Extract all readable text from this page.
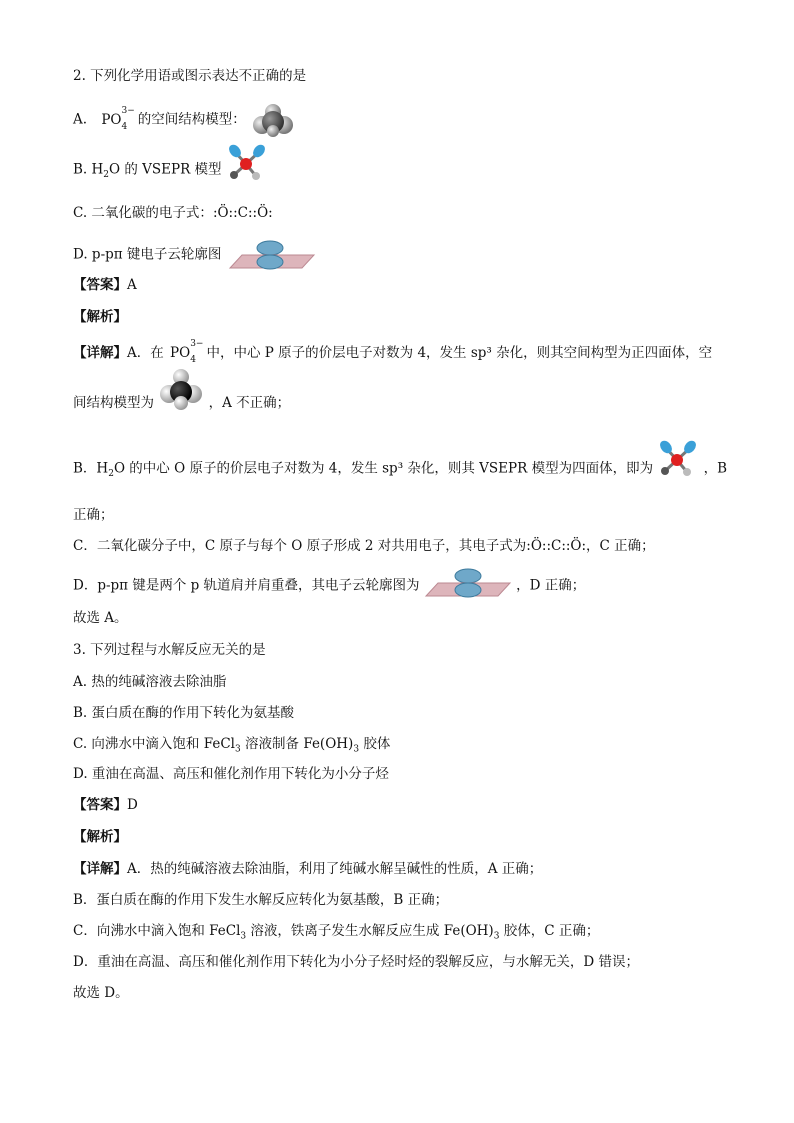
2. 下列化学用语或图示表达不正确的是
A. PO
3−
4 的空间结构模型：
B. $H_2O$ 的 VSEPR 模型
C. 二氧化碳的电子式：:Ö::C::Ö:
D. p-pπ 键电子云轮廓图
【答案】A
【解析】
【详解】A．在 PO
3−
4 中，中心 P 原子的价层电子对数为 4，发生 sp³ 杂化，则其空间构型为正四面体，空
间结构模型为	，A 不正确；
B．$H_2O$ 的中心 O 原子的价层电子对数为 4，发生 sp³ 杂化，则其 VSEPR 模型为四面体，即为	，B
正确；
C．二氧化碳分子中，C 原子与每个 O 原子形成 2 对共用电子，其电子式为:Ö::C::Ö:，C 正确；
D．p-pπ 键是两个 p 轨道肩并肩重叠，其电子云轮廓图为	，D 正确；
故选 A。
3. 下列过程与水解反应无关的是
A. 热的纯碱溶液去除油脂
B. 蛋白质在酶的作用下转化为氨基酸
C. 向沸水中滴入饱和 FeCl$_3$ 溶液制备 $Fe(OH)_3$ 胶体
D. 重油在高温、高压和催化剂作用下转化为小分子烃
【答案】D
【解析】
【详解】A．热的纯碱溶液去除油脂，利用了纯碱水解呈碱性的性质，A 正确；
B．蛋白质在酶的作用下发生水解反应转化为氨基酸，B 正确；
C．向沸水中滴入饱和 FeCl$_3$ 溶液，铁离子发生水解反应生成 $Fe(OH)_3$ 胶体，C 正确；
D．重油在高温、高压和催化剂作用下转化为小分子烃时烃的裂解反应，与水解无关，D 错误；
故选 D。
